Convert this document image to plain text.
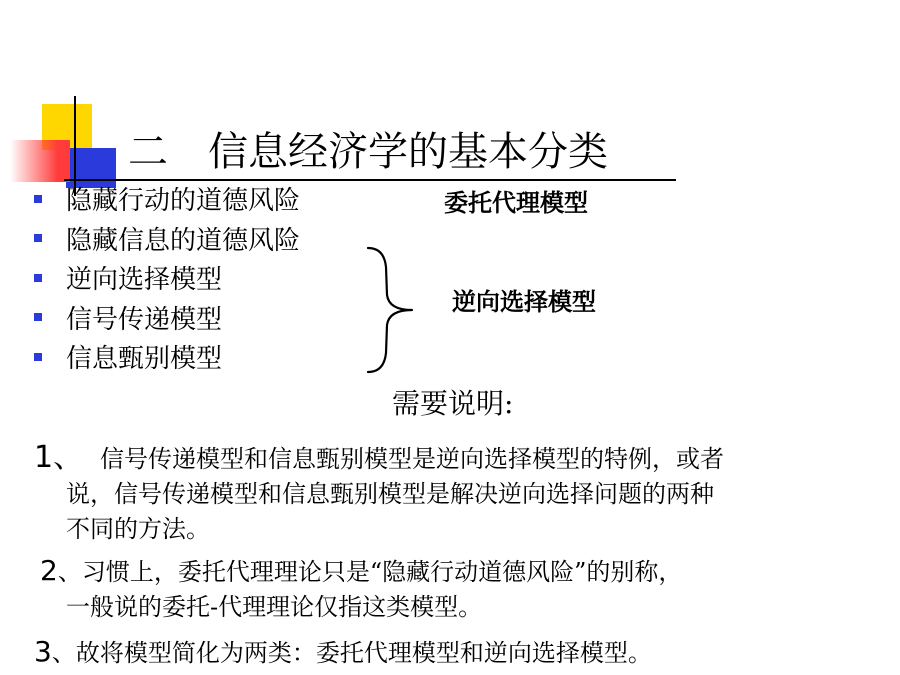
二　信息经济学的基本分类
隐藏行动的道德风险
隐藏信息的道德风险
逆向选择模型
信号传递模型
信息甄别模型
委托代理模型
逆向选择模型
需要说明:
1、 信号传递模型和信息甄别模型是逆向选择模型的特例，或者
说，信号传递模型和信息甄别模型是解决逆向选择问题的两种
不同的方法。
2、习惯上，委托代理理论只是“隐藏行动道德风险”的别称，
一般说的委托-代理理论仅指这类模型。
3、故将模型简化为两类：委托代理模型和逆向选择模型。
